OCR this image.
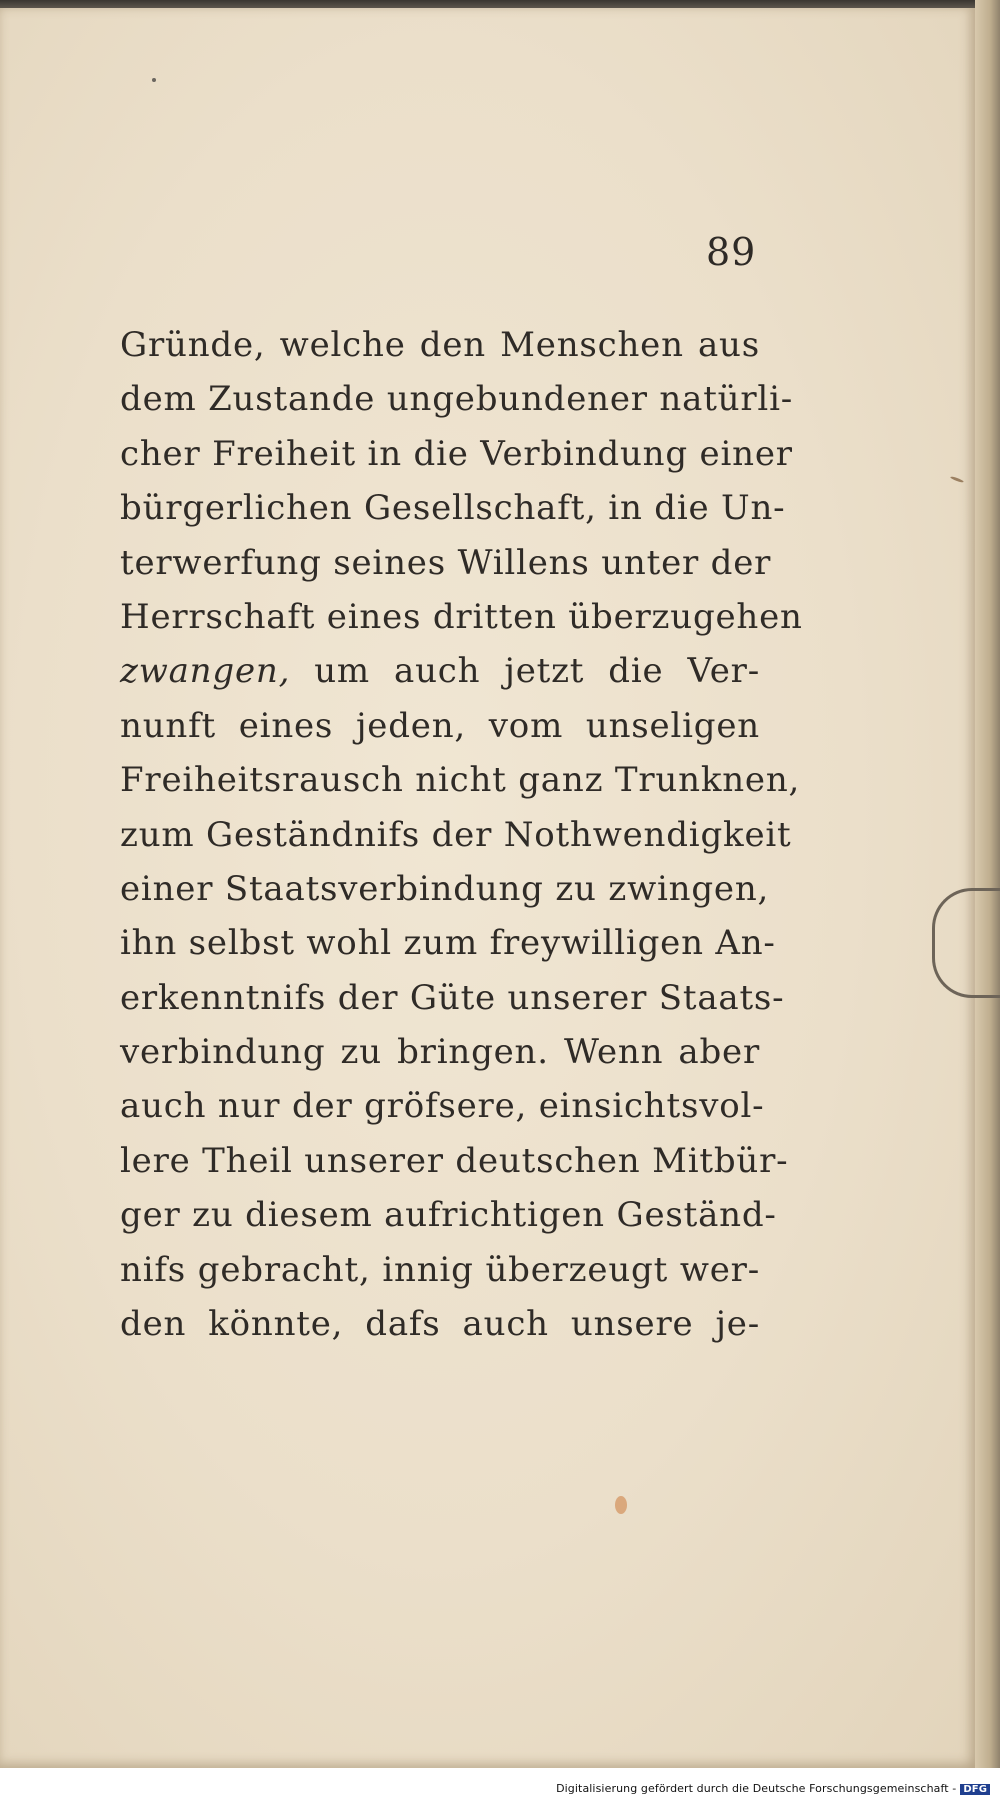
89
Gründe, welche den Menschen aus
dem Zustande ungebundener natürli-
cher Freiheit in die Verbindung einer
bürgerlichen Gesellschaft, in die Un-
terwerfung seines Willens unter der
Herrschaft eines dritten überzugehen
zwangen, um auch jetzt die Ver-
nunft eines jeden, vom unseligen
Freiheitsrausch nicht ganz Trunknen,
zum Geständnifs der Nothwendigkeit
einer Staatsverbindung zu zwingen,
ihn selbst wohl zum freywilligen An-
erkenntnifs der Güte unserer Staats-
verbindung zu bringen. Wenn aber
auch nur der gröfsere, einsichtsvol-
lere Theil unserer deutschen Mitbür-
ger zu diesem aufrichtigen Geständ-
nifs gebracht, innig überzeugt wer-
den könnte, dafs auch unsere je-
Digitalisierung gefördert durch die Deutsche Forschungsgemeinschaft - DFG
